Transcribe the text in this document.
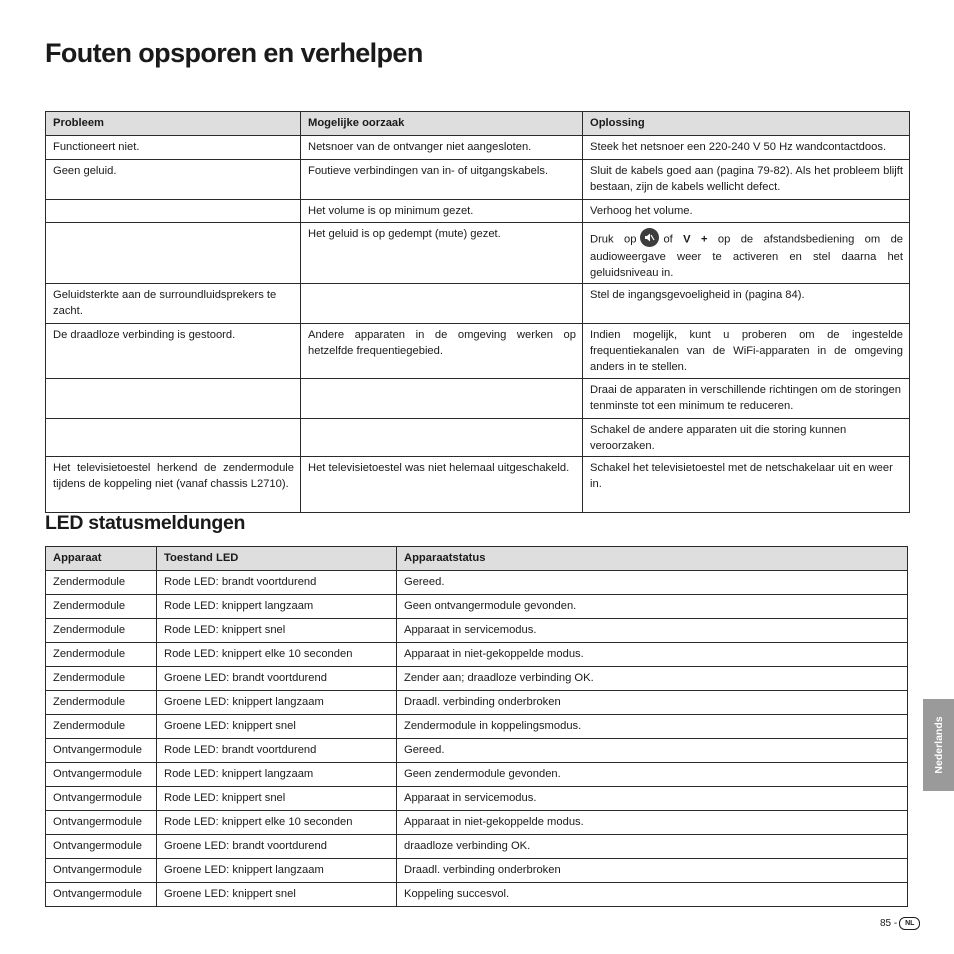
Fouten opsporen en verhelpen
Probleem	Mogelijke oorzaak	Oplossing
Functioneert niet.	Netsnoer van de ontvanger niet aangesloten.	Steek het netsnoer een 220-240 V 50 Hz wandcontactdoos.
Geen geluid.	Foutieve verbindingen van in- of uitgangskabels.	Sluit de kabels goed aan (pagina 79-82). Als het probleem blijft bestaan, zijn de kabels wellicht defect.
	Het volume is op minimum gezet.	Verhoog het volume.
	Het geluid is op gedempt (mute) gezet.	Druk op of V + op de afstandsbediening om de audioweergave weer te activeren en stel daarna het geluidsniveau in.
Geluidsterkte aan de surroundluidsprekers te zacht.		Stel de ingangsgevoeligheid in (pagina 84).
De draadloze verbinding is gestoord.	Andere apparaten in de omgeving werken op hetzelfde frequentiegebied.	Indien mogelijk, kunt u proberen om de ingestelde frequentiekanalen van de WiFi-apparaten in de omgeving anders in te stellen.
		Draai de apparaten in verschillende richtingen om de storingen tenminste tot een minimum te reduceren.
		Schakel de andere apparaten uit die storing kunnen veroorzaken.
Het televisietoestel herkend de zendermodule tijdens de koppeling niet (vanaf chassis L2710).	Het televisietoestel was niet helemaal uitgeschakeld.	Schakel het televisietoestel met de netschakelaar uit en weer in.
LED statusmeldungen
Apparaat	Toestand LED	Apparaatstatus
Zendermodule	Rode LED: brandt voortdurend	Gereed.
Zendermodule	Rode LED: knippert langzaam	Geen ontvangermodule gevonden.
Zendermodule	Rode LED: knippert snel	Apparaat in servicemodus.
Zendermodule	Rode LED: knippert elke 10 seconden	Apparaat in niet-gekoppelde modus.
Zendermodule	Groene LED: brandt voortdurend	Zender aan; draadloze verbinding OK.
Zendermodule	Groene LED: knippert langzaam	Draadl. verbinding onderbroken
Zendermodule	Groene LED: knippert snel	Zendermodule in koppelingsmodus.
Ontvangermodule	Rode LED: brandt voortdurend	Gereed.
Ontvangermodule	Rode LED: knippert langzaam	Geen zendermodule gevonden.
Ontvangermodule	Rode LED: knippert snel	Apparaat in servicemodus.
Ontvangermodule	Rode LED: knippert elke 10 seconden	Apparaat in niet-gekoppelde modus.
Ontvangermodule	Groene LED: brandt voortdurend	draadloze verbinding OK.
Ontvangermodule	Groene LED: knippert langzaam	Draadl. verbinding onderbroken
Ontvangermodule	Groene LED: knippert snel	Koppeling succesvol.
Nederlands
85 -	NL
